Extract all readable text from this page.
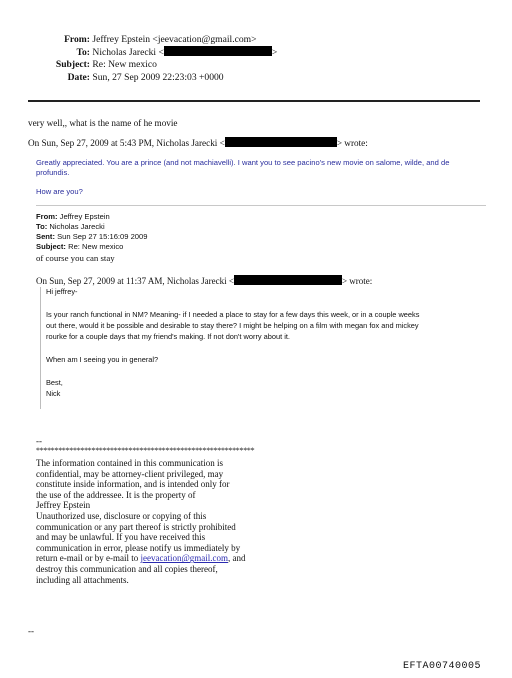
From: Jeffrey Epstein <jeevacation@gmail.com>
To: Nicholas Jarecki <	>
Subject: Re: New mexico
Date: Sun, 27 Sep 2009 22:23:03 +0000
very well,, what is the name of he movie
On Sun, Sep 27, 2009 at 5:43 PM, Nicholas Jarecki <	> wrote:
Greatly appreciated. You are a prince (and not machiavelli). I want you to see pacino's new movie on salome, wilde, and de
profundis.
How are you?
From: Jeffrey Epstein
To: Nicholas Jarecki
Sent: Sun Sep 27 15:16:09 2009
Subject: Re: New mexico
of course you can stay
On Sun, Sep 27, 2009 at 11:37 AM, Nicholas Jarecki <	> wrote:
Hi jeffrey-
Is your ranch functional in NM? Meaning- if I needed a place to stay for a few days this week, or in a couple weeks
out there, would it be possible and desirable to stay there? I might be helping on a film with megan fox and mickey
rourke for a couple days that my friend's making. If not don't worry about it.
When am I seeing you in general?
Best,
Nick
--
***********************************************************
The information contained in this communication is
confidential, may be attorney-client privileged, may
constitute inside information, and is intended only for
the use of the addressee. It is the property of
Jeffrey Epstein
Unauthorized use, disclosure or copying of this
communication or any part thereof is strictly prohibited
and may be unlawful. If you have received this
communication in error, please notify us immediately by
return e-mail or by e-mail to jeevacation@gmail.com, and
destroy this communication and all copies thereof,
including all attachments.
--
EFTA00740005
